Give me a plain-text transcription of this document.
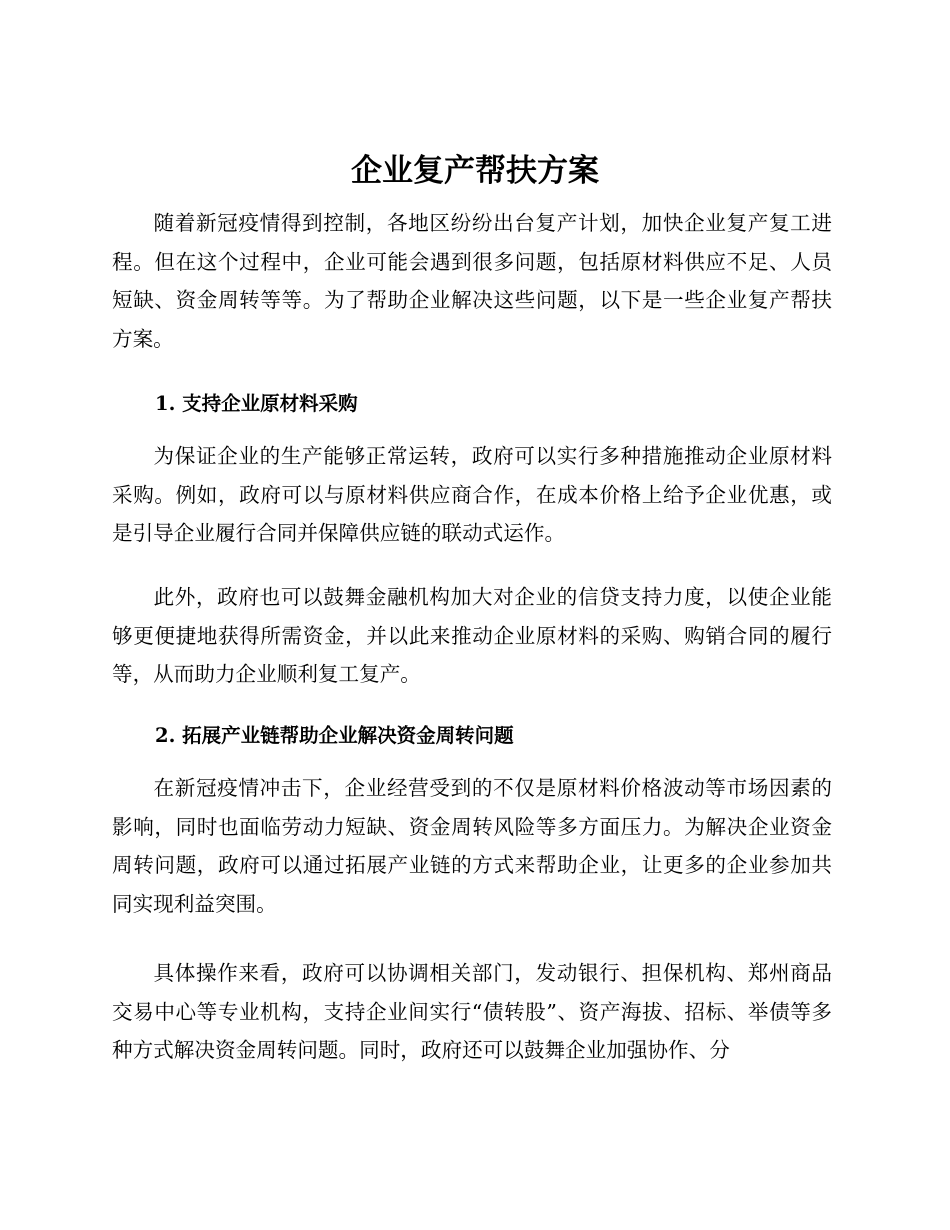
企业复产帮扶方案

随着新冠疫情得到控制，各地区纷纷出台复产计划，加快企业复产复工进程。但在这个过程中，企业可能会遇到很多问题，包括原材料供应不足、人员短缺、资金周转等等。为了帮助企业解决这些问题，以下是一些企业复产帮扶方案。

1. 支持企业原材料采购

为保证企业的生产能够正常运转，政府可以实行多种措施推动企业原材料采购。例如，政府可以与原材料供应商合作，在成本价格上给予企业优惠，或是引导企业履行合同并保障供应链的联动式运作。

此外，政府也可以鼓舞金融机构加大对企业的信贷支持力度，以使企业能够更便捷地获得所需资金，并以此来推动企业原材料的采购、购销合同的履行等，从而助力企业顺利复工复产。

2. 拓展产业链帮助企业解决资金周转问题

在新冠疫情冲击下，企业经营受到的不仅是原材料价格波动等市场因素的影响，同时也面临劳动力短缺、资金周转风险等多方面压力。为解决企业资金周转问题，政府可以通过拓展产业链的方式来帮助企业，让更多的企业参加共同实现利益突围。

具体操作来看，政府可以协调相关部门，发动银行、担保机构、郑州商品交易中心等专业机构，支持企业间实行“债转股”、资产海拔、招标、举债等多种方式解决资金周转问题。同时，政府还可以鼓舞企业加强协作、分
